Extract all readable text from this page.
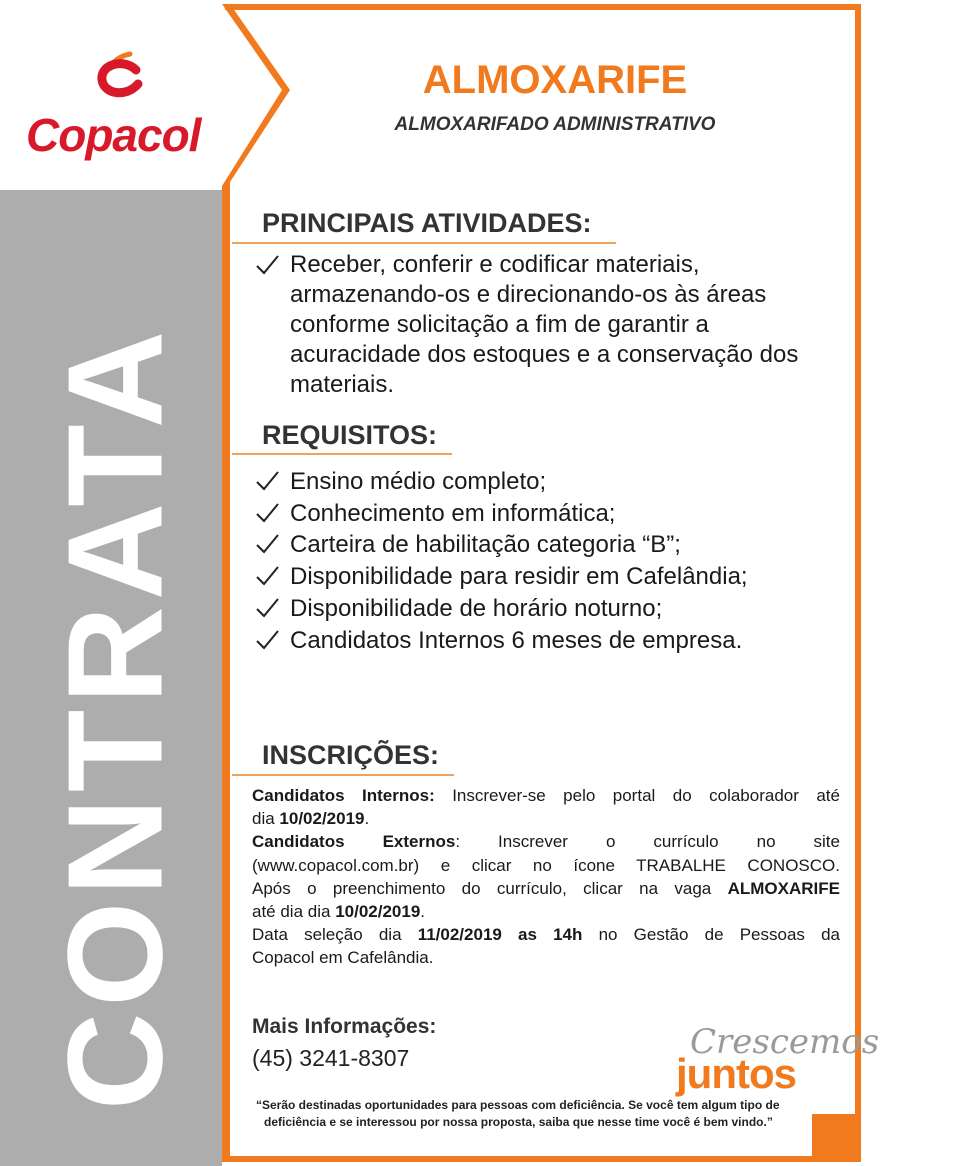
Copacol
CONTRATA
ALMOXARIFE
ALMOXARIFADO ADMINISTRATIVO
PRINCIPAIS ATIVIDADES:
Receber, conferir e codificar materiais,
armazenando-os e direcionando-os às áreas
conforme solicitação a fim de garantir a
acuracidade dos estoques e a conservação dos
materiais.
REQUISITOS:
Ensino médio completo;
Conhecimento em informática;
Carteira de habilitação categoria “B”;
Disponibilidade para residir em Cafelândia;
Disponibilidade de horário noturno;
Candidatos Internos 6 meses de empresa.
INSCRIÇÕES:

Candidatos Internos: Inscrever-se pelo portal do colaborador até

dia 10/02/2019.

Candidatos Externos: Inscrever o currículo no site

(www.copacol.com.br) e clicar no ícone TRABALHE CONOSCO.

Após o preenchimento do currículo, clicar na vaga ALMOXARIFE

até dia dia 10/02/2019.

Data seleção dia 11/02/2019 as 14h no Gestão de Pessoas da

Copacol em Cafelândia.

Mais Informações:
(45) 3241-8307	Crescemos
juntos
“Serão destinadas oportunidades para pessoas com deficiência. Se você tem algum tipo de
deficiência e se interessou por nossa proposta, saiba que nesse time você é bem vindo.”
